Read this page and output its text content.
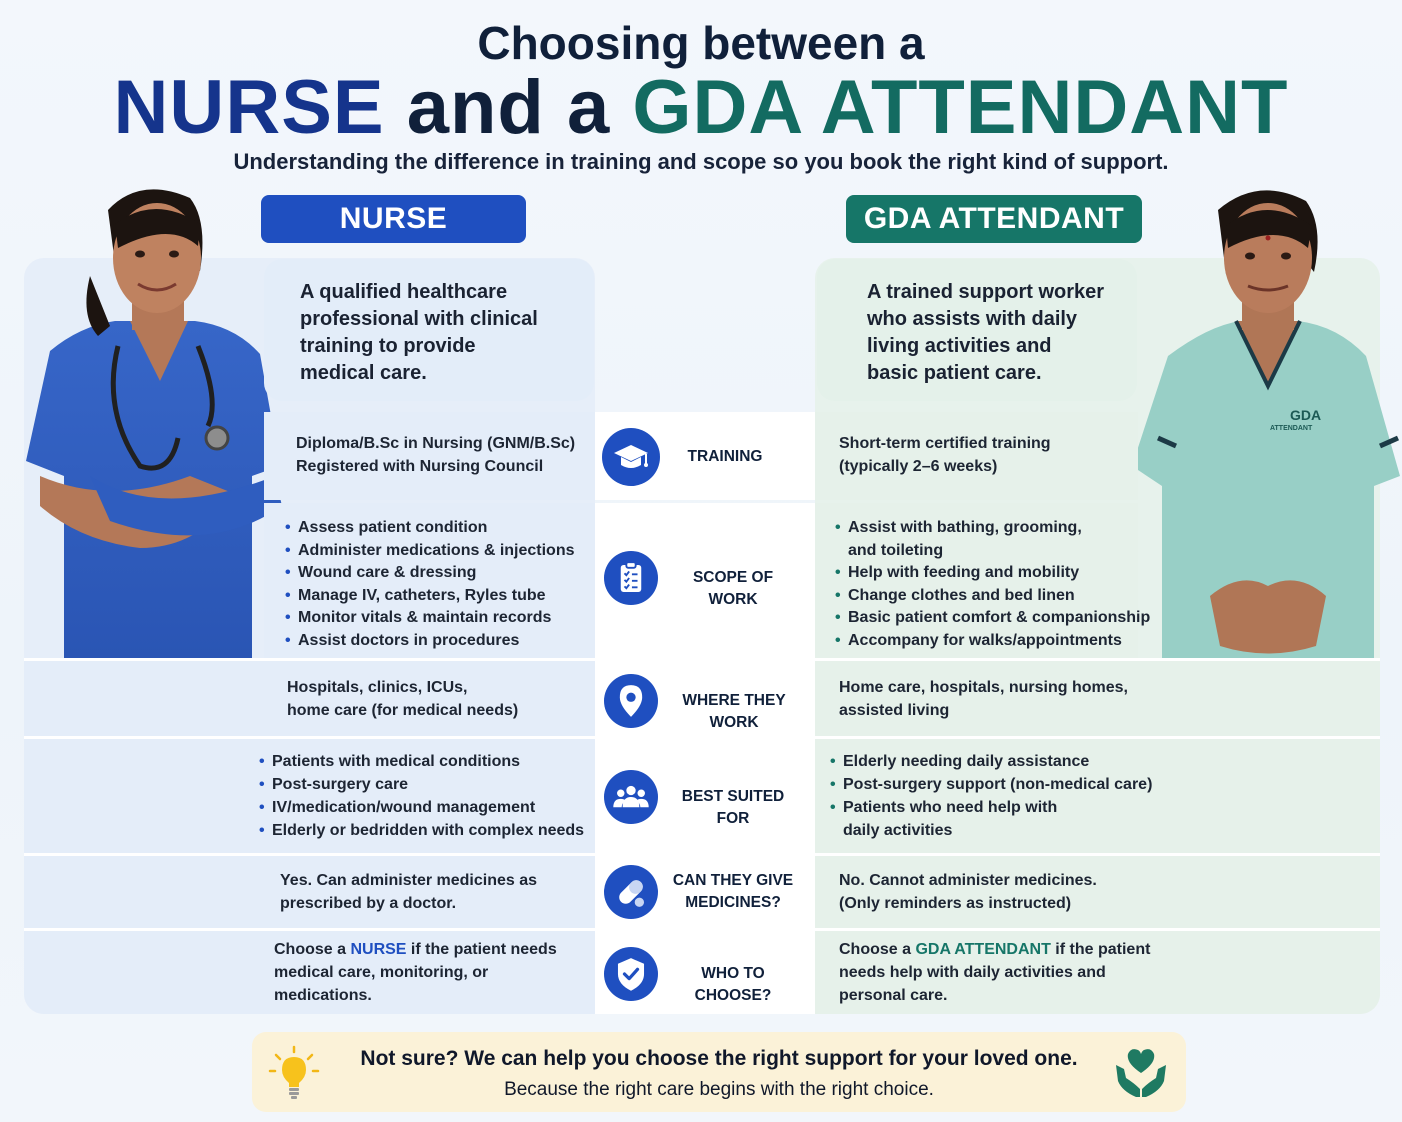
Choosing between a
NURSE and a GDA ATTENDANT
Understanding the difference in training and scope so you book the right kind of support.
GDA
ATTENDANT
NURSE	GDA ATTENDANT
A qualified healthcare
professional with clinical
training to provide
medical care.
A trained support worker
who assists with daily
living activities and
basic patient care.
Diploma/B.Sc in Nursing (GNM/B.Sc)
Registered with Nursing Council
TRAINING
Short-term certified training
(typically 2–6 weeks)
• Assess patient condition
• Administer medications & injections
• Wound care & dressing
• Manage IV, catheters, Ryles tube
• Monitor vitals & maintain records
• Assist doctors in procedures
SCOPE OF WORK
• Assist with bathing, grooming,
and toileting
• Help with feeding and mobility
• Change clothes and bed linen
• Basic patient comfort & companionship
• Accompany for walks/appointments
Hospitals, clinics, ICUs,
home care (for medical needs)
WHERE THEY WORK
Home care, hospitals, nursing homes,
assisted living
• Patients with medical conditions
• Post-surgery care
• IV/medication/wound management
• Elderly or bedridden with complex needs
BEST SUITED FOR
• Elderly needing daily assistance
• Post-surgery support (non-medical care)
• Patients who need help with
daily activities
Yes. Can administer medicines as
prescribed by a doctor.
CAN THEY GIVE
MEDICINES?
No. Cannot administer medicines.
(Only reminders as instructed)
Choose a NURSE if the patient needs
medical care, monitoring, or
medications.
WHO TO CHOOSE?
Choose a GDA ATTENDANT if the patient
needs help with daily activities and
personal care.
Not sure? We can help you choose the right support for your loved one.
Because the right care begins with the right choice.
